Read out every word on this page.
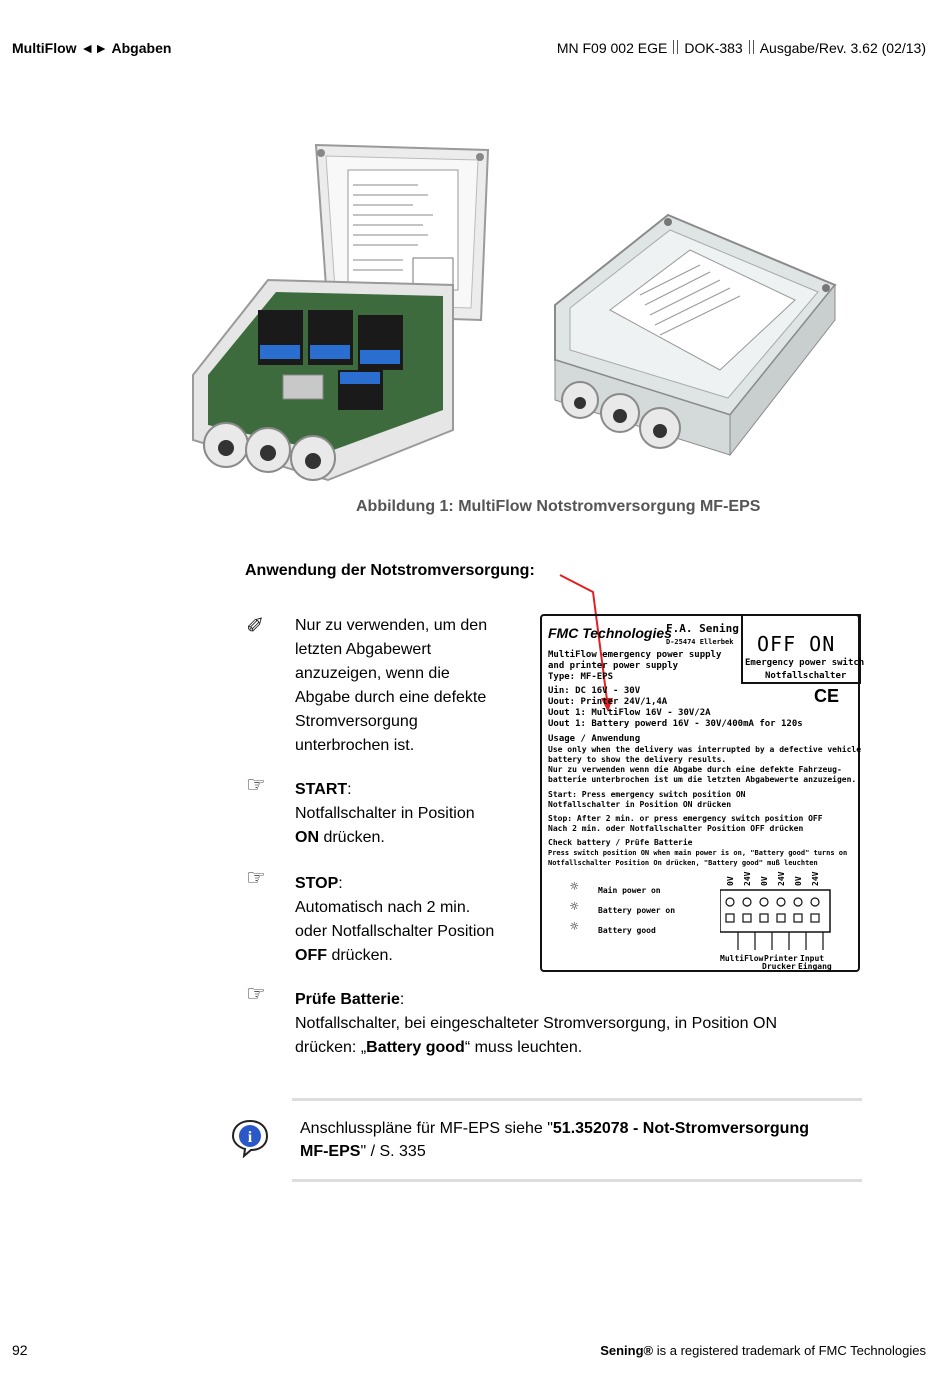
MultiFlow ◄► Abgaben	MN F09 002 EGE DOK-383 Ausgabe/Rev. 3.62 (02/13)
Abbildung 1: MultiFlow Notstromversorgung MF-EPS
Anwendung der Notstromversorgung:
✐ Nur zu verwenden, um den
letzten Abgabewert
anzuzeigen, wenn die
Abgabe durch eine defekte
Stromversorgung
unterbrochen ist.
☞ START:
Notfallschalter in Position
ON drücken.
☞ STOP:
Automatisch nach 2 min.
oder Notfallschalter Position
OFF drücken.
☞ Prüfe Batterie:
Notfallschalter, bei eingeschalteter Stromversorgung, in Position ON
drücken: „Battery good“ muss leuchten.
FMC Technologies
F.A. Sening
D-25474 Ellerbek OFF ON
Emergency power switch
Notfallschalter
CE
MultiFlow emergency power supply
and printer power supply
Type: MF-EPS
Uin: DC 16V - 30V
Uout: Printer 24V/1,4A
Uout 1: MultiFlow 16V - 30V/2A
Uout 1: Battery powerd 16V - 30V/400mA for 120s
Usage / Anwendung
Use only when the delivery was interrupted by a defective vehicle
battery to show the delivery results.
Nur zu verwenden wenn die Abgabe durch eine defekte Fahrzeug-
batterie unterbrochen ist um die letzten Abgabewerte anzuzeigen.
Start: Press emergency switch position ON
Notfallschalter in Position ON drücken
Stop: After 2 min. or press emergency switch position OFF
Nach 2 min. oder Notfallschalter Position OFF drücken
Check battery / Prüfe Batterie
Press switch position ON when main power is on, "Battery good" turns on
Notfallschalter Position On drücken, "Battery good" muß leuchten
☼ Main power on
☼ Battery power on
☼ Battery good
0V 24V 0V 24V 0V 24V
MultiFlow Printer Input
Drucker Eingang
i
Anschlusspläne für MF-EPS siehe "51.352078 - Not-Stromversorgung
MF-EPS" / S. 335
92	Sening® is a registered trademark of FMC Technologies
